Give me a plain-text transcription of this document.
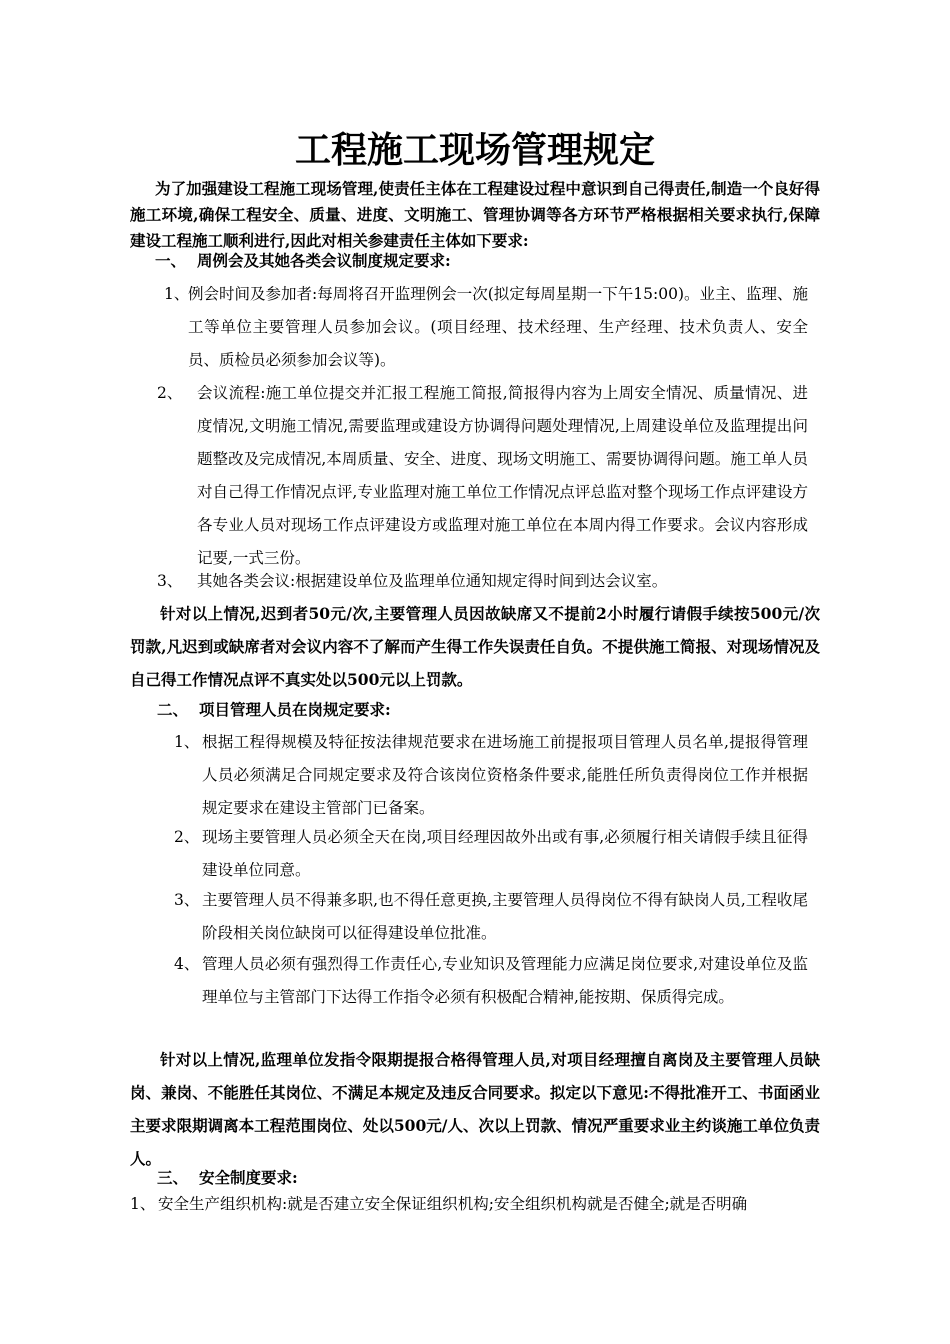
工程施工现场管理规定
为了加强建设工程施工现场管理,使责任主体在工程建设过程中意识到自己得责任,制造一个良好得施工环境,确保工程安全、质量、进度、文明施工、管理协调等各方环节严格根据相关要求执行,保障建设工程施工顺利进行,因此对相关参建责任主体如下要求:
一、 周例会及其她各类会议制度规定要求:
1、
例会时间及参加者:每周将召开监理例会一次(拟定每周星期一下午15:00)。业主、监理、施工等单位主要管理人员参加会议。(项目经理、技术经理、生产经理、技术负责人、安全员、质检员必须参加会议等)。
2、 会议流程:施工单位提交并汇报工程施工简报,简报得内容为上周安全情况、质量情况、进度情况,文明施工情况,需要监理或建设方协调得问题处理情况,上周建设单位及监理提出问题整改及完成情况,本周质量、安全、进度、现场文明施工、需要协调得问题。施工单人员对自己得工作情况点评,专业监理对施工单位工作情况点评总监对整个现场工作点评建设方各专业人员对现场工作点评建设方或监理对施工单位在本周内得工作要求。会议内容形成记要,一式三份。
3、 其她各类会议:根据建设单位及监理单位通知规定得时间到达会议室。
针对以上情况,迟到者50元/次,主要管理人员因故缺席又不提前2小时履行请假手续按500元/次罚款,凡迟到或缺席者对会议内容不了解而产生得工作失误责任自负。不提供施工简报、对现场情况及自己得工作情况点评不真实处以500元以上罚款。
二、 项目管理人员在岗规定要求:
1、 根据工程得规模及特征按法律规范要求在进场施工前提报项目管理人员名单,提报得管理人员必须满足合同规定要求及符合该岗位资格条件要求,能胜任所负责得岗位工作并根据规定要求在建设主管部门已备案。
2、 现场主要管理人员必须全天在岗,项目经理因故外出或有事,必须履行相关请假手续且征得建设单位同意。
3、 主要管理人员不得兼多职,也不得任意更换,主要管理人员得岗位不得有缺岗人员,工程收尾阶段相关岗位缺岗可以征得建设单位批准。
4、 管理人员必须有强烈得工作责任心,专业知识及管理能力应满足岗位要求,对建设单位及监理单位与主管部门下达得工作指令必须有积极配合精神,能按期、保质得完成。
针对以上情况,监理单位发指令限期提报合格得管理人员,对项目经理擅自离岗及主要管理人员缺岗、兼岗、不能胜任其岗位、不满足本规定及违反合同要求。拟定以下意见:不得批准开工、书面函业主要求限期调离本工程范围岗位、处以500元/人、次以上罚款、情况严重要求业主约谈施工单位负责人。
三、 安全制度要求:
1、 安全生产组织机构:就是否建立安全保证组织机构;安全组织机构就是否健全;就是否明确
